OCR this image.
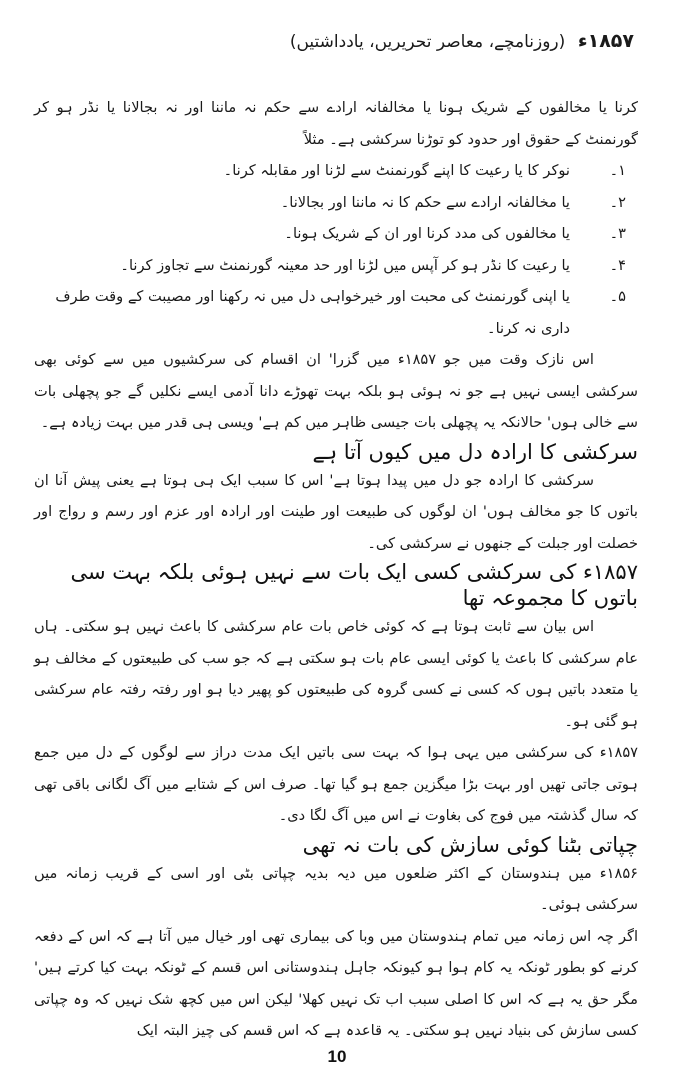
۱۸۵۷ء (روزنامچے، معاصر تحریریں، یادداشتیں)

کرنا یا مخالفوں کے شریک ہونا یا مخالفانہ ارادے سے حکم نہ ماننا اور نہ بجالانا یا نڈر ہو کر گورنمنٹ کے حقوق اور حدود کو توڑنا سرکشی ہے۔ مثلاً

۱۔
نوکر کا یا رعیت کا اپنے گورنمنٹ سے لڑنا اور مقابلہ کرنا۔
۲۔
یا مخالفانہ ارادے سے حکم کا نہ ماننا اور بجالانا۔
۳۔
یا مخالفوں کی مدد کرنا اور ان کے شریک ہونا۔
۴۔
یا رعیت کا نڈر ہو کر آپس میں لڑنا اور حد معینہ گورنمنٹ سے تجاوز کرنا۔
۵۔
یا اپنی گورنمنٹ کی محبت اور خیرخواہی دل میں نہ رکھنا اور مصیبت کے وقت طرف داری نہ کرنا۔

اس نازک وقت میں جو ۱۸۵۷ء میں گزرا' ان اقسام کی سرکشیوں میں سے کوئی بھی سرکشی ایسی نہیں ہے جو نہ ہوئی ہو بلکہ بہت تھوڑے دانا آدمی ایسے نکلیں گے جو پچھلی بات سے خالی ہوں' حالانکہ یہ پچھلی بات جیسی ظاہر میں کم ہے' ویسی ہی قدر میں بہت زیادہ ہے۔

سرکشی کا ارادہ دل میں کیوں آتا ہے

سرکشی کا ارادہ جو دل میں پیدا ہوتا ہے' اس کا سبب ایک ہی ہوتا ہے یعنی پیش آنا ان باتوں کا جو مخالف ہوں' ان لوگوں کی طبیعت اور طینت اور ارادہ اور عزم اور رسم و رواج اور خصلت اور جبلت کے جنھوں نے سرکشی کی۔

۱۸۵۷ء کی سرکشی کسی ایک بات سے نہیں ہوئی بلکہ بہت سی باتوں کا مجموعہ تھا

اس بیان سے ثابت ہوتا ہے کہ کوئی خاص بات عام سرکشی کا باعث نہیں ہو سکتی۔ ہاں عام سرکشی کا باعث یا کوئی ایسی عام بات ہو سکتی ہے کہ جو سب کی طبیعتوں کے مخالف ہو یا متعدد باتیں ہوں کہ کسی نے کسی گروہ کی طبیعتوں کو پھیر دیا ہو اور رفتہ رفتہ عام سرکشی ہو گئی ہو۔

۱۸۵۷ء کی سرکشی میں یہی ہوا کہ بہت سی باتیں ایک مدت دراز سے لوگوں کے دل میں جمع ہوتی جاتی تھیں اور بہت بڑا میگزین جمع ہو گیا تھا۔ صرف اس کے شتابے میں آگ لگانی باقی تھی کہ سال گذشتہ میں فوج کی بغاوت نے اس میں آگ لگا دی۔

چپاتی بٹنا کوئی سازش کی بات نہ تھی

۱۸۵۶ء میں ہندوستان کے اکثر ضلعوں میں دیہ بدیہ چپاتی بٹی اور اسی کے قریب زمانہ میں سرکشی ہوئی۔

اگر چہ اس زمانہ میں تمام ہندوستان میں وبا کی بیماری تھی اور خیال میں آتا ہے کہ اس کے دفعہ کرنے کو بطور ٹونکہ یہ کام ہوا ہو کیونکہ جاہل ہندوستانی اس قسم کے ٹونکہ بہت کیا کرتے ہیں' مگر حق یہ ہے کہ اس کا اصلی سبب اب تک نہیں کھلا' لیکن اس میں کچھ شک نہیں کہ وہ چپاتی کسی سازش کی بنیاد نہیں ہو سکتی۔ یہ قاعدہ ہے کہ اس قسم کی چیز البتہ ایک

10
